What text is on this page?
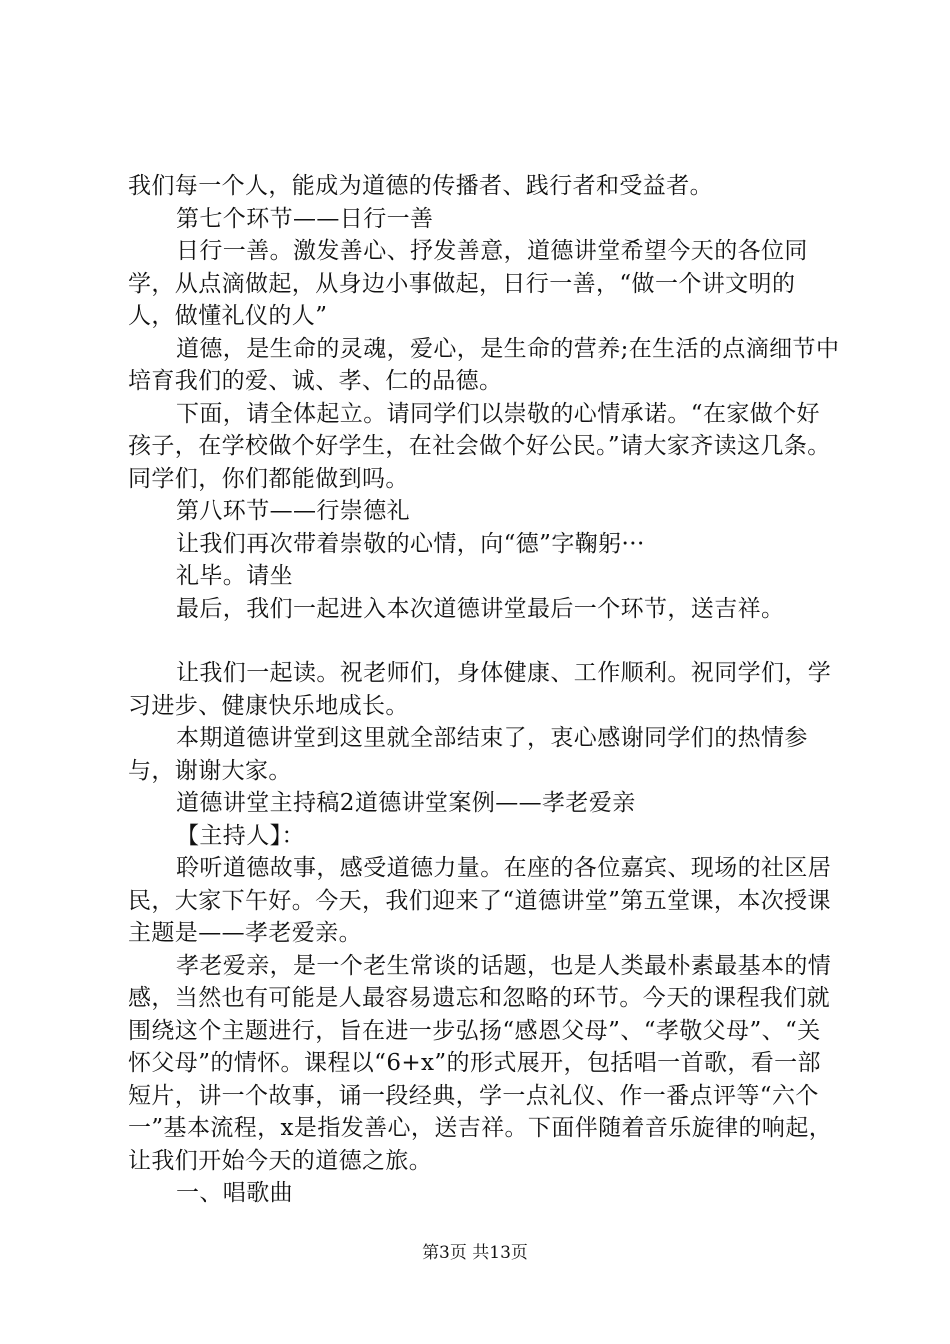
我们每一个人，能成为道德的传播者、践行者和受益者。

第七个环节——日行一善

日行一善。激发善心、抒发善意，道德讲堂希望今天的各位同学，从点滴做起，从身边小事做起，日行一善，“做一个讲文明的人，做懂礼仪的人”

道德，是生命的灵魂，爱心，是生命的营养;在生活的点滴细节中培育我们的爱、诚、孝、仁的品德。

下面，请全体起立。请同学们以崇敬的心情承诺。“在家做个好孩子，在学校做个好学生，在社会做个好公民。”请大家齐读这几条。同学们，你们都能做到吗。

第八环节——行崇德礼

让我们再次带着崇敬的心情，向“德”字鞠躬···

礼毕。请坐

最后，我们一起进入本次道德讲堂最后一个环节，送吉祥。

让我们一起读。祝老师们，身体健康、工作顺利。祝同学们，学习进步、健康快乐地成长。

本期道德讲堂到这里就全部结束了，衷心感谢同学们的热情参与，谢谢大家。

道德讲堂主持稿2道德讲堂案例——孝老爱亲

【主持人】：

聆听道德故事，感受道德力量。在座的各位嘉宾、现场的社区居民，大家下午好。今天，我们迎来了“道德讲堂”第五堂课，本次授课主题是——孝老爱亲。

孝老爱亲，是一个老生常谈的话题，也是人类最朴素最基本的情感，当然也有可能是人最容易遗忘和忽略的环节。今天的课程我们就围绕这个主题进行，旨在进一步弘扬“感恩父母”、“孝敬父母”、“关怀父母”的情怀。课程以“6+x”的形式展开，包括唱一首歌，看一部短片，讲一个故事，诵一段经典，学一点礼仪、作一番点评等“六个一”基本流程，x是指发善心，送吉祥。下面伴随着音乐旋律的响起，让我们开始今天的道德之旅。

一、唱歌曲

第3页 共13页
